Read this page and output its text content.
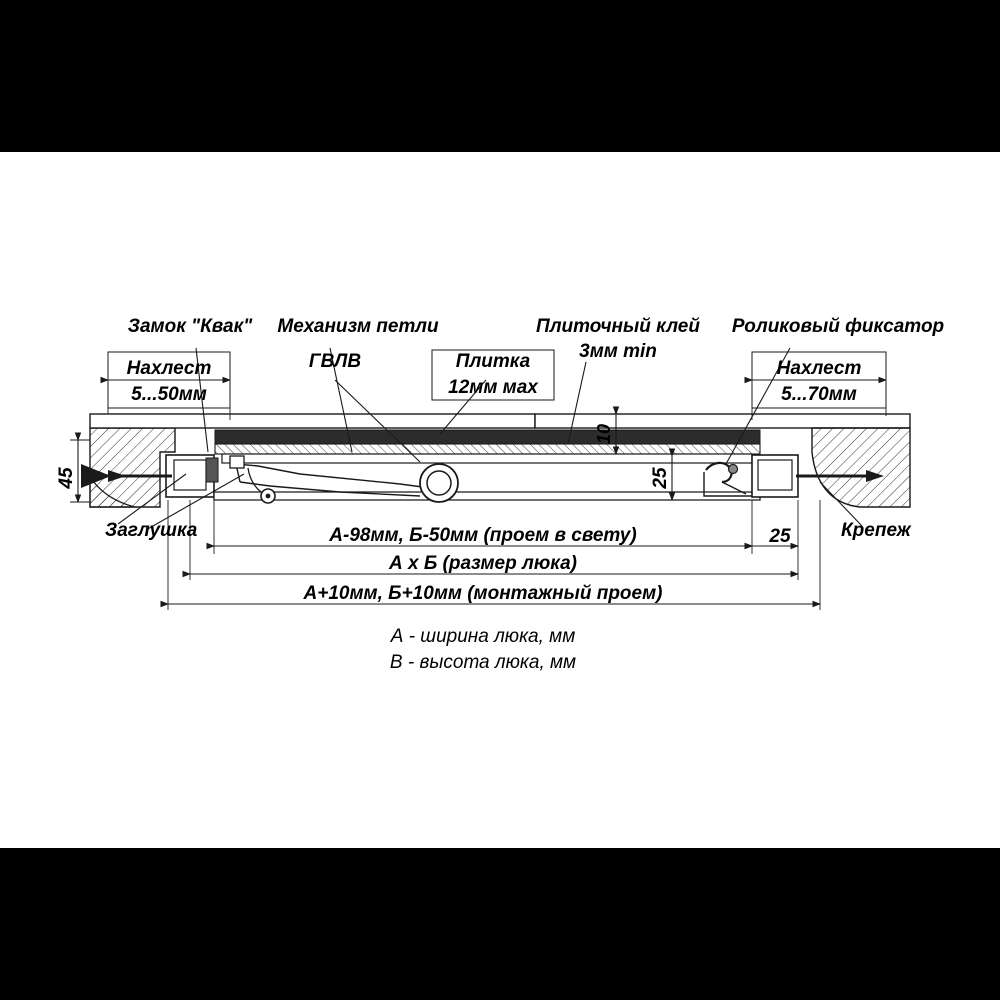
45	25
10
А-98мм, Б-50мм (проем в свету)
А х Б (размер люка)
А+10мм, Б+10мм (монтажный проем)
25
Нахлест
5...50мм
Нахлест
5...70мм
Замок "Квак" Механизм петли
ГВЛВ	Плитка
12мм мах
Плиточный клей
3мм min
Роликовый фиксатор
Заглушка	Крепеж
А - ширина люка, мм
В - высота люка, мм
